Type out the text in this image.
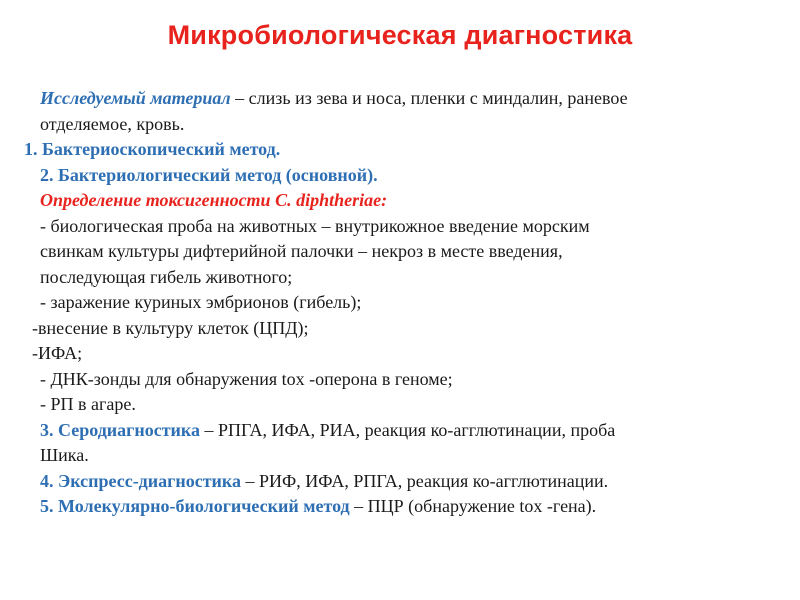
Микробиологическая диагностика
Исследуемый материал – слизь из зева и носа, пленки с миндалин, раневое
отделяемое, кровь.
1. Бактериоскопический метод.
2. Бактериологический метод (основной).
Определение токсигенности C. diphtheriae:
- биологическая проба на животных – внутрикожное введение морским
свинкам культуры дифтерийной палочки – некроз в месте введения,
последующая гибель животного;
- заражение куриных эмбрионов (гибель);
-внесение в культуру клеток (ЦПД);
-ИФА;
- ДНК-зонды для обнаружения tox -оперона в геноме;
- РП в агаре.
3. Серодиагностика – РПГА, ИФА, РИА, реакция ко-агглютинации, проба
Шика.
4. Экспресс-диагностика – РИФ, ИФА, РПГА, реакция ко-агглютинации.
5. Молекулярно-биологический метод – ПЦР (обнаружение tox -гена).
